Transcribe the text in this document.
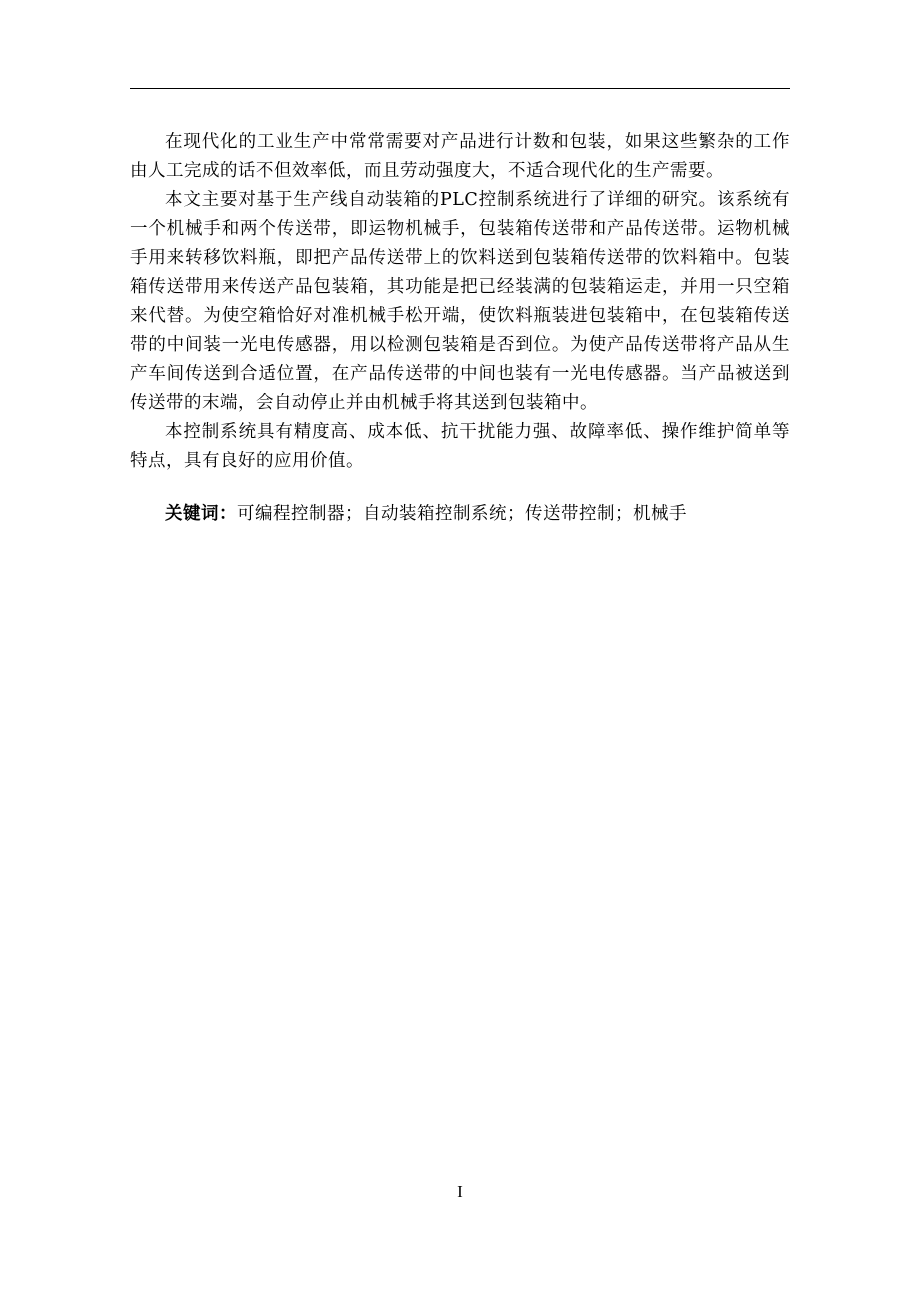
在现代化的工业生产中常常需要对产品进行计数和包装，如果这些繁杂的工作由人工完成的话不但效率低，而且劳动强度大，不适合现代化的生产需要。

本文主要对基于生产线自动装箱的PLC控制系统进行了详细的研究。该系统有一个机械手和两个传送带，即运物机械手，包装箱传送带和产品传送带。运物机械手用来转移饮料瓶，即把产品传送带上的饮料送到包装箱传送带的饮料箱中。包装箱传送带用来传送产品包装箱，其功能是把已经装满的包装箱运走，并用一只空箱来代替。为使空箱恰好对准机械手松开端，使饮料瓶装进包装箱中，在包装箱传送带的中间装一光电传感器，用以检测包装箱是否到位。为使产品传送带将产品从生产车间传送到合适位置，在产品传送带的中间也装有一光电传感器。当产品被送到传送带的末端，会自动停止并由机械手将其送到包装箱中。

本控制系统具有精度高、成本低、抗干扰能力强、故障率低、操作维护简单等特点，具有良好的应用价值。

关键词：可编程控制器；自动装箱控制系统；传送带控制；机械手

I
